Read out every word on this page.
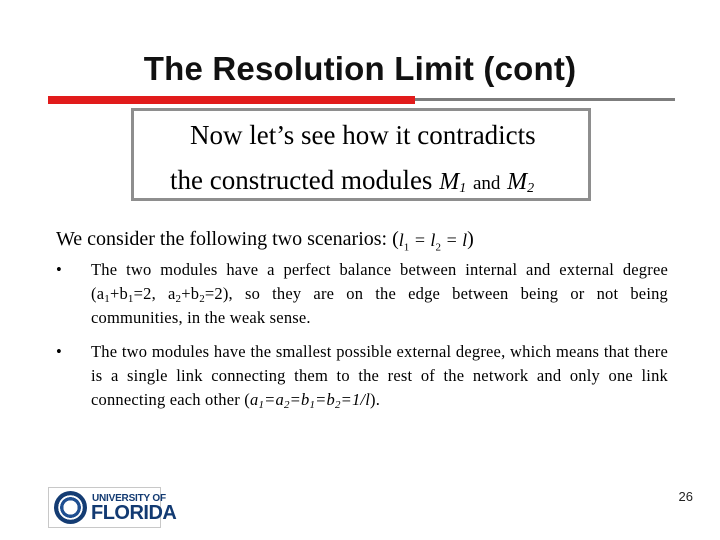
The Resolution Limit (cont)
Now let’s see how it contradicts
the constructed modules $M_1$ and $M_2$
We consider the following two scenarios: $(l_1 = l_2 = l)$
•	The two modules have a perfect balance between internal and external degree ($a_1+b_1=2$, $a_2+b_2=2$), so they are on the edge between being or not being communities, in the weak sense.
•	The two modules have the smallest possible external degree, which means that there is a single link connecting them to the rest of the network and only one link connecting each other $(a_1=a_2=b_1=b_2=1/l)$.
UNIVERSITY OF
FLORIDA
26
